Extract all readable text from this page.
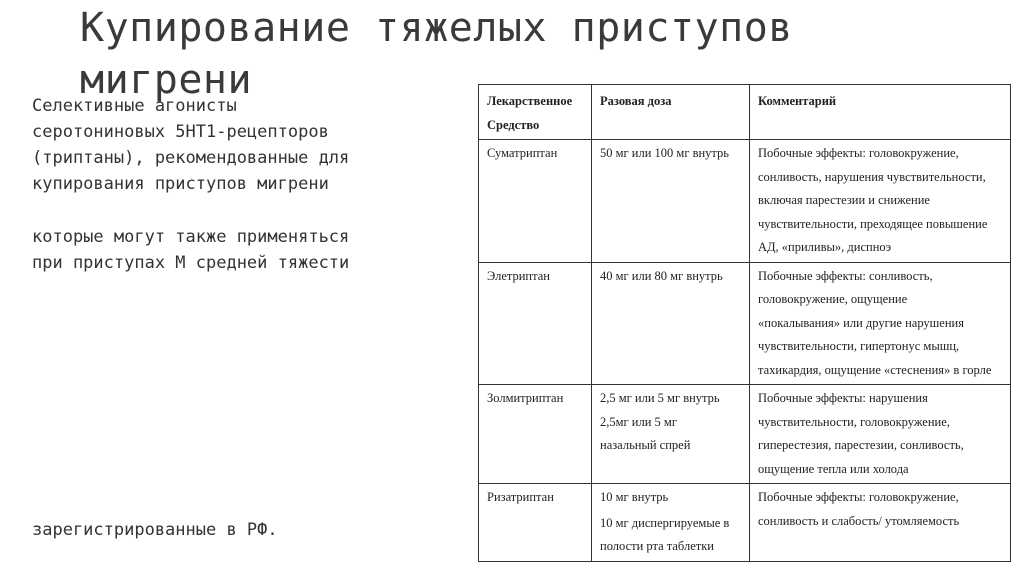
Купирование тяжелых приступов
мигрени
Селективные агонисты
серотониновых 5HT1-рецепторов
(триптаны), рекомендованные для
купирования приступов мигрени
которые могут также применяться
при приступах М средней тяжести
зарегистрированные в РФ.
Лекарственное
Средство	Разовая доза	Комментарий
Суматриптан	50 мг или 100 мг внутрь	Побочные эффекты: головокружение,
сонливость, нарушения чувствительности,
включая парестезии и снижение
чувствительности, преходящее повышение
АД, «приливы», диспноэ

Элетриптан	40 мг или 80 мг внутрь	Побочные эффекты: сонливость,
головокружение, ощущение
«покалывания» или другие нарушения
чувствительности, гипертонус мышц,
тахикардия, ощущение «стеснения» в горле

Золмитриптан	2,5 мг или 5 мг внутрь
2,5мг или 5 мг
назальный спрей	Побочные эффекты: нарушения
чувствительности, головокружение,
гиперестезия, парестезии, сонливость,
ощущение тепла или холода

Ризатриптан	10 мг внутрь
10 мг диспергируемые в
полости рта таблетки	Побочные эффекты: головокружение,
сонливость и слабость/ утомляемость
